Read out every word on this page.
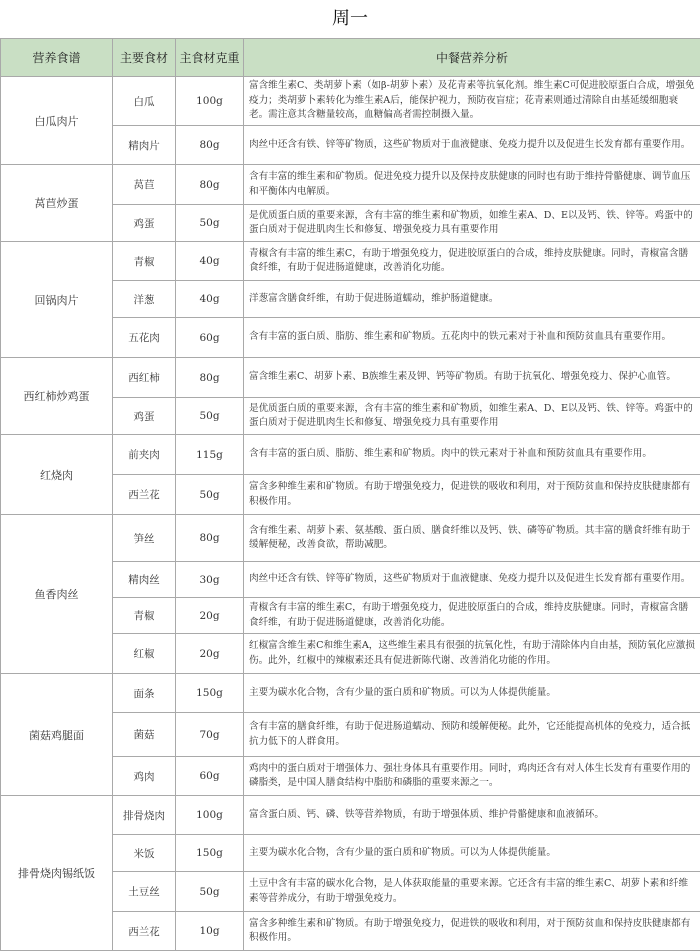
周一
营养食谱	主要食材	主食材克重	中餐营养分析
白瓜肉片	白瓜	100g	富含维生素C、类胡萝卜素（如β-胡萝卜素）及花青素等抗氧化剂。维生素C可促进胶原蛋白合成，增强免疫力；类胡萝卜素转化为维生素A后，能保护视力，预防夜盲症；花青素则通过清除自由基延缓细胞衰老。需注意其含糖量较高，血糖偏高者需控制摄入量。
	精肉片	80g	肉丝中还含有铁、锌等矿物质，这些矿物质对于血液健康、免疫力提升以及促进生长发育都有重要作用。
莴苣炒蛋	莴苣	80g	含有丰富的维生素和矿物质。促进免疫力提升以及保持皮肤健康的同时也有助于维持骨骼健康、调节血压和平衡体内电解质。
	鸡蛋	50g	是优质蛋白质的重要来源，含有丰富的维生素和矿物质，如维生素A、D、E以及钙、铁、锌等。鸡蛋中的蛋白质对于促进肌肉生长和修复、增强免疫力具有重要作用
回锅肉片	青椒	40g	青椒含有丰富的维生素C，有助于增强免疫力，促进胶原蛋白的合成，维持皮肤健康。同时，青椒富含膳食纤维，有助于促进肠道健康，改善消化功能。
	洋葱	40g	洋葱富含膳食纤维，有助于促进肠道蠕动，维护肠道健康。
	五花肉	60g	含有丰富的蛋白质、脂肪、维生素和矿物质。五花肉中的铁元素对于补血和预防贫血具有重要作用。
西红柿炒鸡蛋	西红柿	80g	富含维生素C、胡萝卜素、B族维生素及钾、钙等矿物质。有助于抗氧化、增强免疫力、保护心血管。
	鸡蛋	50g	是优质蛋白质的重要来源，含有丰富的维生素和矿物质，如维生素A、D、E以及钙、铁、锌等。鸡蛋中的蛋白质对于促进肌肉生长和修复、增强免疫力具有重要作用
红烧肉	前夹肉	115g	含有丰富的蛋白质、脂肪、维生素和矿物质。肉中的铁元素对于补血和预防贫血具有重要作用。
	西兰花	50g	富含多种维生素和矿物质。有助于增强免疫力，促进铁的吸收和利用，对于预防贫血和保持皮肤健康都有积极作用。
鱼香肉丝	笋丝	80g	含有维生素、胡萝卜素、氨基酸、蛋白质、膳食纤维以及钙、铁、磷等矿物质。其丰富的膳食纤维有助于缓解便秘，改善食欲，帮助减肥。
	精肉丝	30g	肉丝中还含有铁、锌等矿物质，这些矿物质对于血液健康、免疫力提升以及促进生长发育都有重要作用。
	青椒	20g	青椒含有丰富的维生素C，有助于增强免疫力，促进胶原蛋白的合成，维持皮肤健康。同时，青椒富含膳食纤维，有助于促进肠道健康，改善消化功能。
	红椒	20g	红椒富含维生素C和维生素A，这些维生素具有很强的抗氧化性，有助于清除体内自由基，预防氧化应激损伤。此外，红椒中的辣椒素还具有促进新陈代谢、改善消化功能的作用。
菌菇鸡腿面	面条	150g	主要为碳水化合物，含有少量的蛋白质和矿物质。可以为人体提供能量。
	菌菇	70g	含有丰富的膳食纤维，有助于促进肠道蠕动、预防和缓解便秘。此外，它还能提高机体的免疫力，适合抵抗力低下的人群食用。
	鸡肉	60g	鸡肉中的蛋白质对于增强体力、强壮身体具有重要作用。同时，鸡肉还含有对人体生长发育有重要作用的磷脂类，是中国人膳食结构中脂肪和磷脂的重要来源之一。
排骨烧肉锡纸饭	排骨烧肉	100g	富含蛋白质、钙、磷、铁等营养物质，有助于增强体质、维护骨骼健康和血液循环。
	米饭	150g	主要为碳水化合物，含有少量的蛋白质和矿物质。可以为人体提供能量。
	土豆丝	50g	土豆中含有丰富的碳水化合物，是人体获取能量的重要来源。它还含有丰富的维生素C、胡萝卜素和纤维素等营养成分，有助于增强免疫力。
	西兰花	10g	富含多种维生素和矿物质。有助于增强免疫力，促进铁的吸收和利用，对于预防贫血和保持皮肤健康都有积极作用。
